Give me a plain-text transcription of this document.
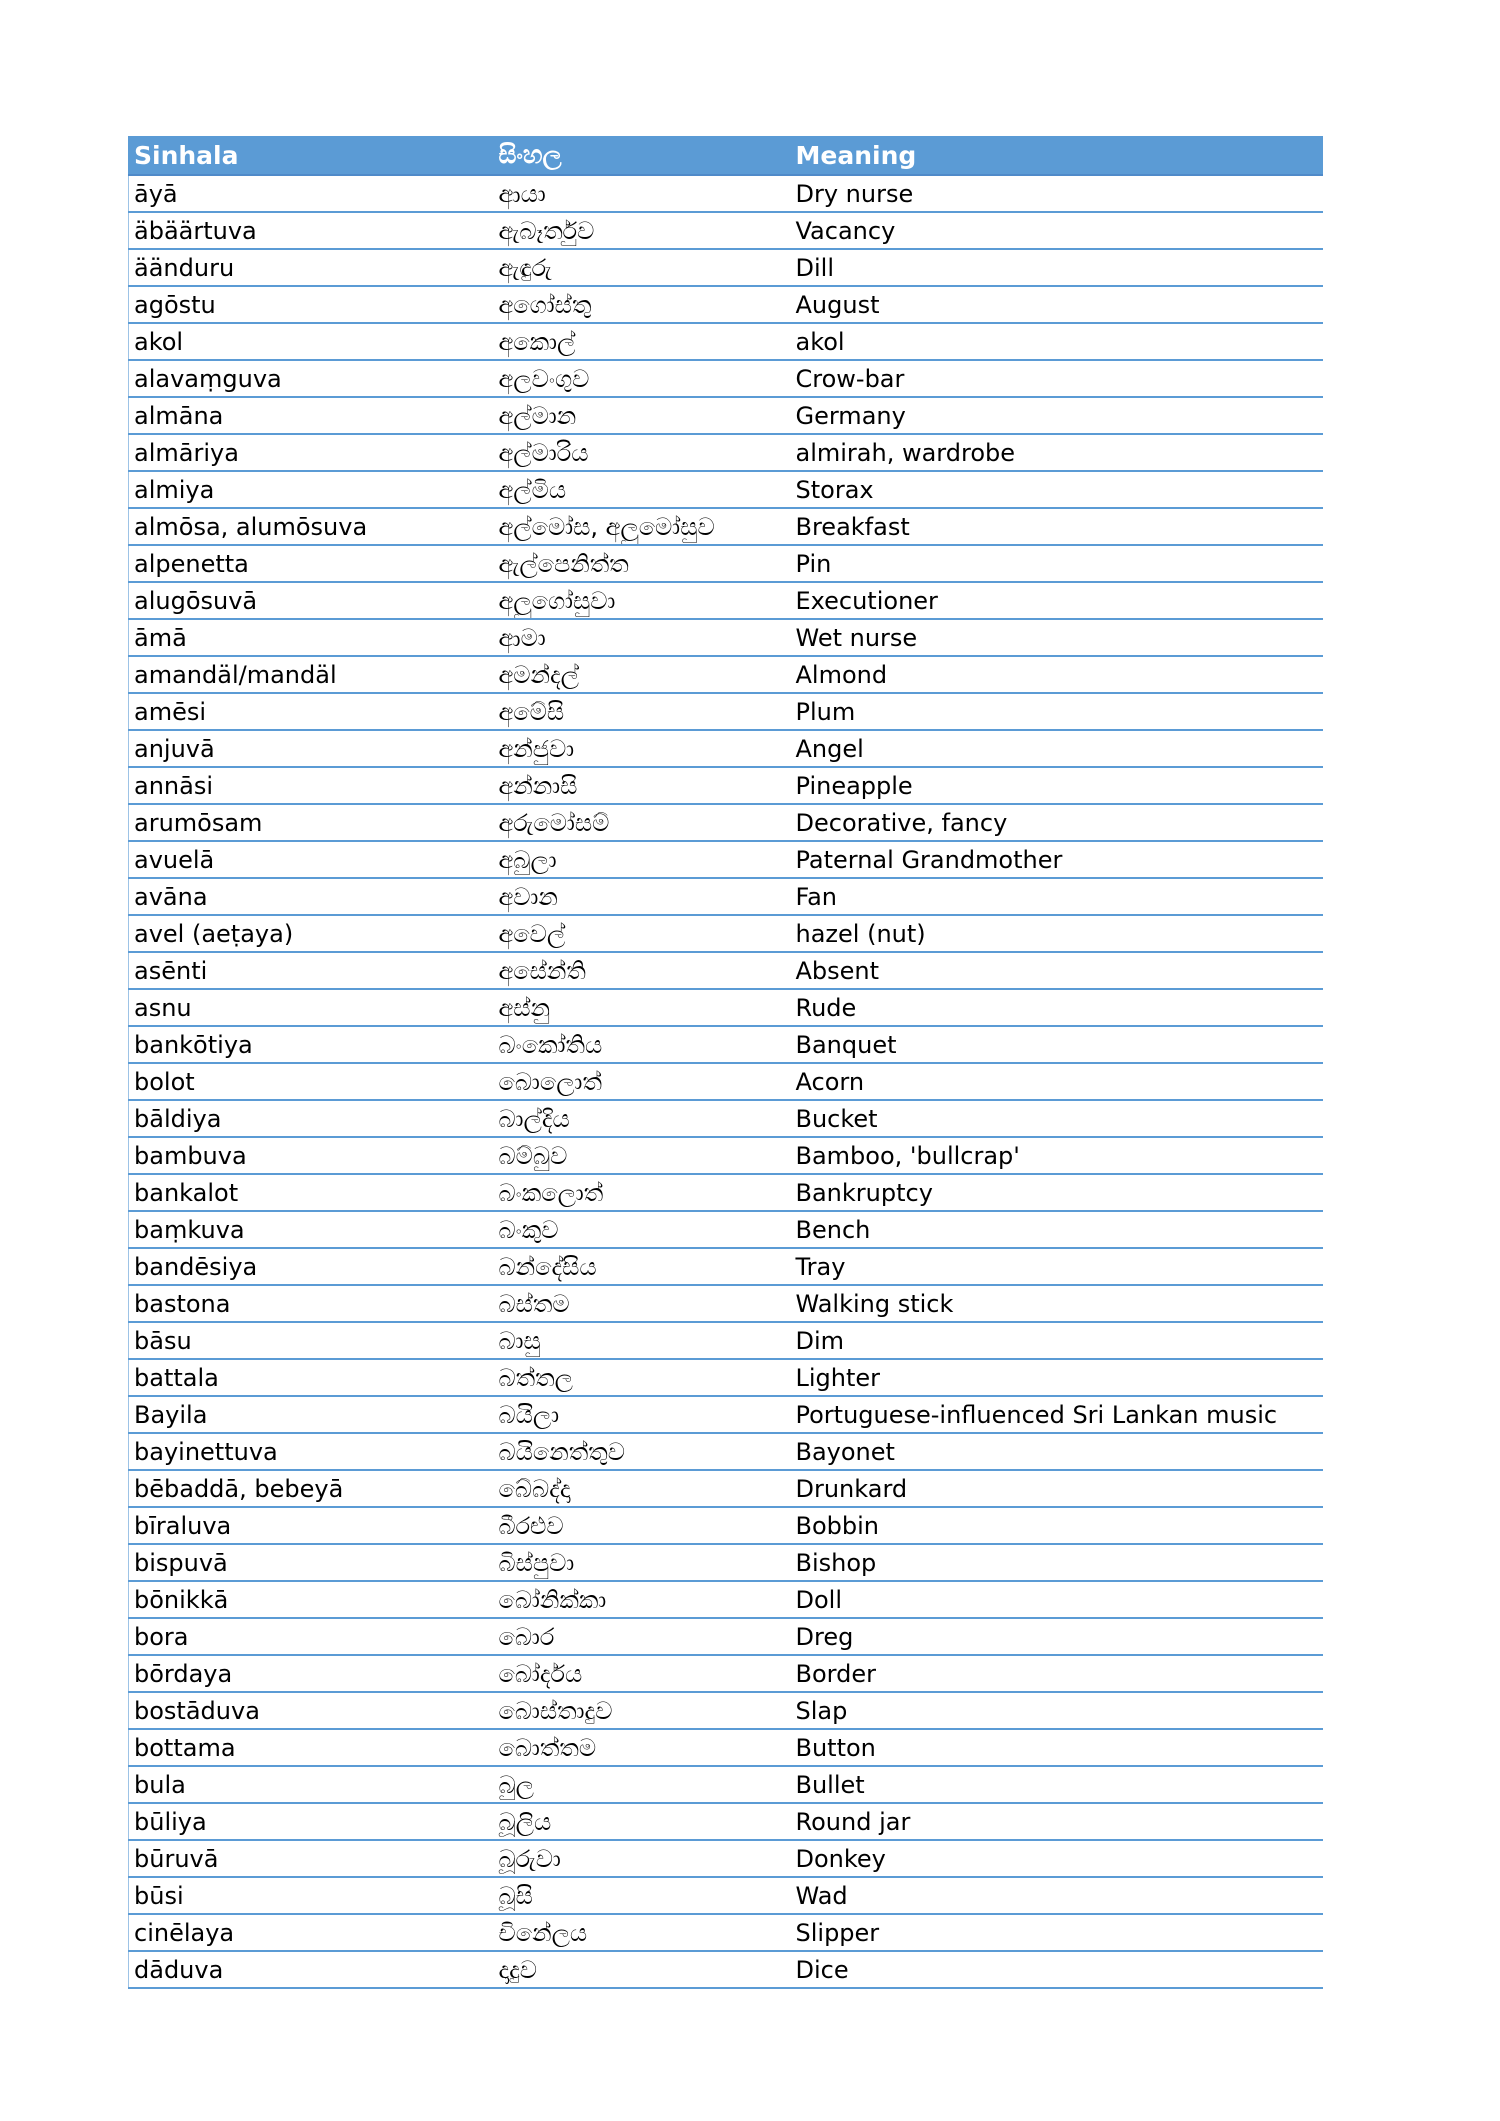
Sinhala	සිංහල	Meaning
āyā	ආයා	Dry nurse
äbäärtuva	ඇබෑර්තුව	Vacancy
äänduru	ඇඳුරු	Dill
agōstu	අගෝස්තු	August
akol	අකොල්	akol
alavaṃguva	අලවංගුව	Crow-bar
almāna	අල්මාන	Germany
almāriya	අල්මාරිය	almirah, wardrobe
almiya	අල්මිය	Storax
almōsa, alumōsuva	අල්මෝස, අලුමෝසුව	Breakfast
alpenetta	ඇල්පෙනිත්ත	Pin
alugōsuvā	අලුගෝසුවා	Executioner
āmā	ආමා	Wet nurse
amandäl/mandäl	අමන්දල්	Almond
amēsi	අමේසි	Plum
anjuvā	අන්ජුවා	Angel
annāsi	අන්නාසි	Pineapple
arumōsam	අරුමෝසම්	Decorative, fancy
avuelā	අබුලා	Paternal Grandmother
avāna	අවාන	Fan
avel (aeṭaya)	අවෙල්	hazel (nut)
asēnti	අසේන්ති	Absent
asnu	අස්නු	Rude
bankōtiya	බංකෝතිය	Banquet
bolot	බොලොත්	Acorn
bāldiya	බාල්දිය	Bucket
bambuva	බම්බුව	Bamboo, 'bullcrap'
bankalot	බංකලොත්	Bankruptcy
baṃkuva	බංකුව	Bench
bandēsiya	බන්දේසිය	Tray
bastona	බස්තම	Walking stick
bāsu	බාසු	Dim
battala	බත්තල	Lighter
Bayila	බයිලා	Portuguese-influenced Sri Lankan music
bayinettuva	බයිනෙත්තුව	Bayonet
bēbaddā, bebeyā	බේබද්දා	Drunkard
bīraluva	බීරළුව	Bobbin
bispuvā	බිස්පුවා	Bishop
bōnikkā	බෝනික්කා	Doll
bora	බොර	Dreg
bōrdaya	බෝර්දය	Border
bostāduva	බොස්තාදුව	Slap
bottama	බොත්තම	Button
bula	බුල	Bullet
būliya	බූලිය	Round jar
būruvā	බූරුවා	Donkey
būsi	බූසි	Wad
cinēlaya	චිනේලය	Slipper
dāduva	දාදුව	Dice
